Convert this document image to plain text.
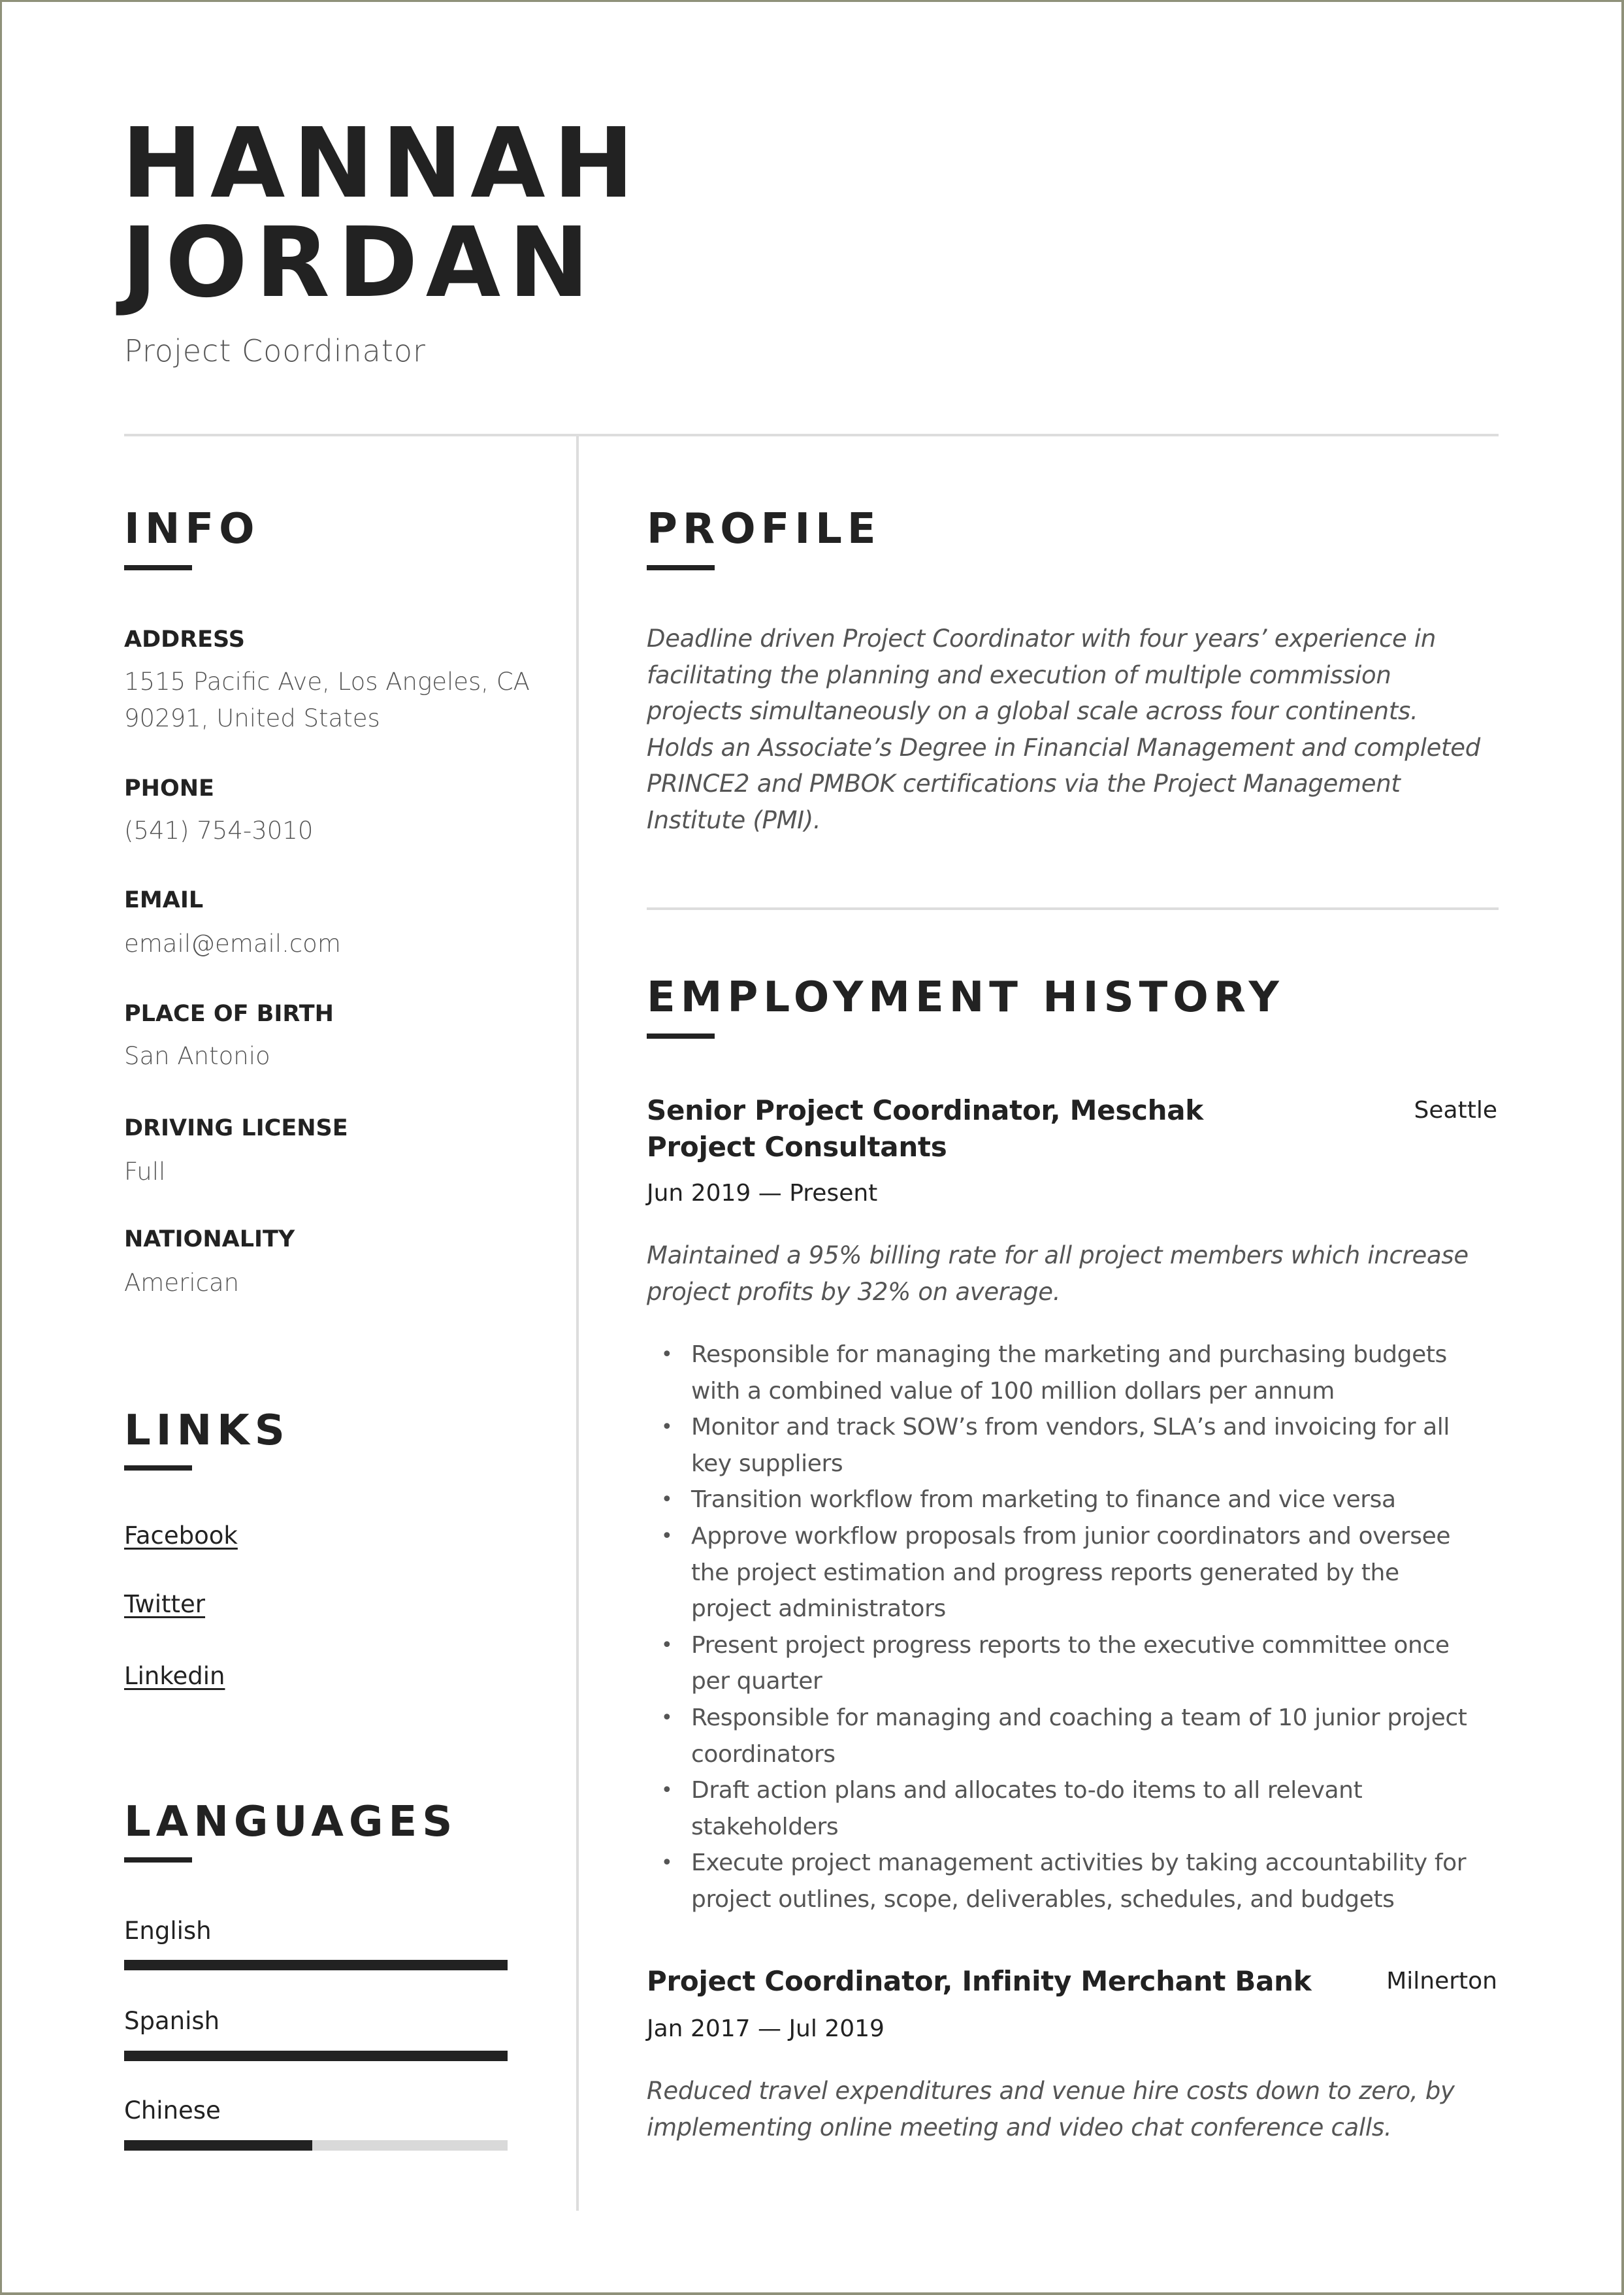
HANNAH
JORDAN
Project Coordinator
INFO
ADDRESS
1515 Pacific Ave, Los Angeles, CA
90291, United States
PHONE
(541) 754-3010
EMAIL
email@email.com
PLACE OF BIRTH
San Antonio
DRIVING LICENSE
Full
NATIONALITY
American
LINKS
Facebook
Twitter
Linkedin
LANGUAGES
English
Spanish
Chinese
PROFILE
Deadline driven Project Coordinator with four years’ experience in
facilitating the planning and execution of multiple commission
projects simultaneously on a global scale across four continents.
Holds an Associate’s Degree in Financial Management and completed
PRINCE2 and PMBOK certifications via the Project Management
Institute (PMI).
EMPLOYMENT HISTORY
Senior Project Coordinator, Meschak
Project Consultants
Seattle
Jun 2019 — Present
Maintained a 95% billing rate for all project members which increase
project profits by 32% on average.
• Responsible for managing the marketing and purchasing budgets
with a combined value of 100 million dollars per annum
• Monitor and track SOW’s from vendors, SLA’s and invoicing for all
key suppliers
• Transition workflow from marketing to finance and vice versa
• Approve workflow proposals from junior coordinators and oversee
the project estimation and progress reports generated by the
project administrators
• Present project progress reports to the executive committee once
per quarter
• Responsible for managing and coaching a team of 10 junior project
coordinators
• Draft action plans and allocates to-do items to all relevant
stakeholders
• Execute project management activities by taking accountability for
project outlines, scope, deliverables, schedules, and budgets
Project Coordinator, Infinity Merchant Bank	Milnerton
Jan 2017 — Jul 2019
Reduced travel expenditures and venue hire costs down to zero, by
implementing online meeting and video chat conference calls.
